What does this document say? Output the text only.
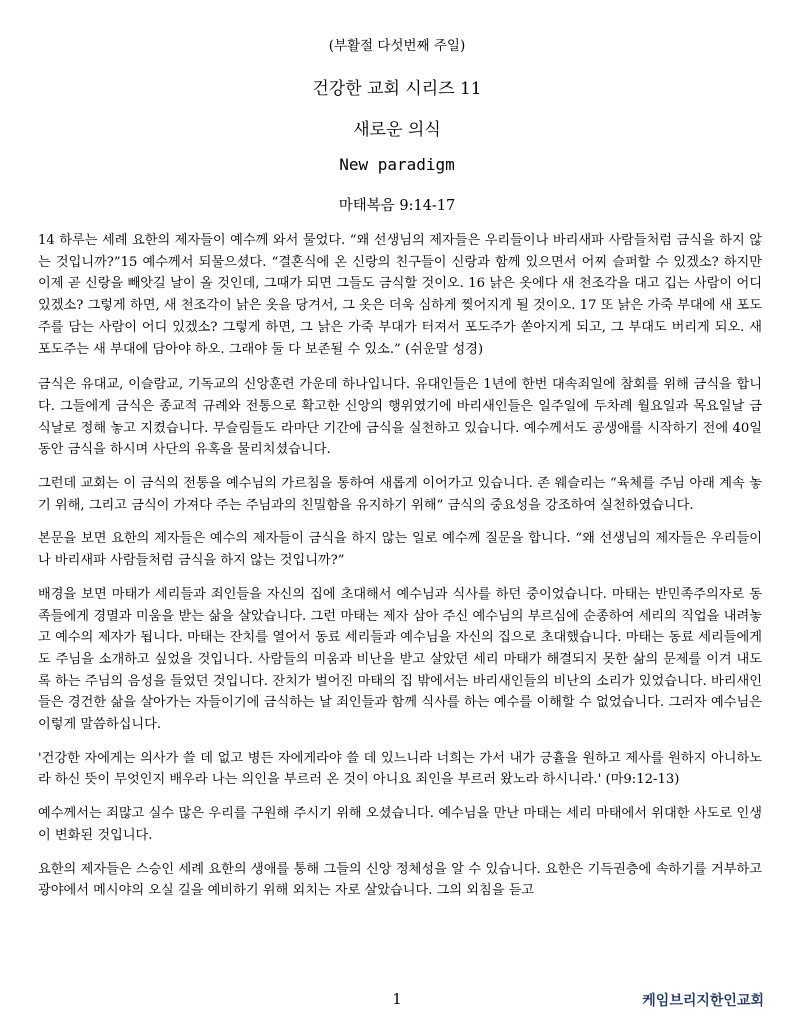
(부활절 다섯번째 주일)
건강한 교회 시리즈 11
새로운 의식
New paradigm
마태복음 9:14-17

14 하루는 세례 요한의 제자들이 예수께 와서 물었다. “왜 선생님의 제자들은 우리들이나 바리새파 사람들처럼 금식을 하지 않는 것입니까?”15 예수께서 되물으셨다. “결혼식에 온 신랑의 친구들이 신랑과 함께 있으면서 어찌 슬퍼할 수 있겠소? 하지만 이제 곧 신랑을 빼앗길 날이 올 것인데, 그때가 되면 그들도 금식할 것이오. 16 낡은 옷에다 새 천조각을 대고 깁는 사람이 어디 있겠소? 그렇게 하면, 새 천조각이 낡은 옷을 당겨서, 그 옷은 더욱 심하게 찢어지게 될 것이오. 17 또 낡은 가죽 부대에 새 포도주를 담는 사람이 어디 있겠소? 그렇게 하면, 그 낡은 가죽 부대가 터져서 포도주가 쏟아지게 되고, 그 부대도 버리게 되오. 새 포도주는 새 부대에 담아야 하오. 그래야 둘 다 보존될 수 있소.” (쉬운말 성경)

금식은 유대교, 이슬람교, 기독교의 신앙훈련 가운데 하나입니다. 유대인들은 1년에 한번 대속죄일에 참회를 위해 금식을 합니다. 그들에게 금식은 종교적 규례와 전통으로 확고한 신앙의 행위였기에 바리새인들은 일주일에 두차례 월요일과 목요일날 금식날로 정해 놓고 지켰습니다. 무슬림들도 라마단 기간에 금식을 실천하고 있습니다. 예수께서도 공생애를 시작하기 전에 40일 동안 금식을 하시며 사단의 유혹을 물리치셨습니다.

그런데 교회는 이 금식의 전통을 예수님의 가르침을 통하여 새롭게 이어가고 있습니다. 존 웨슬리는 “육체를 주님 아래 계속 놓기 위해, 그리고 금식이 가져다 주는 주님과의 친밀함을 유지하기 위해” 금식의 중요성을 강조하여 실천하였습니다.

본문을 보면 요한의 제자들은 예수의 제자들이 금식을 하지 않는 일로 예수께 질문을 합니다. “왜 선생님의 제자들은 우리들이나 바리새파 사람들처럼 금식을 하지 않는 것입니까?”

배경을 보면 마태가 세리들과 죄인들을 자신의 집에 초대해서 예수님과 식사를 하던 중이었습니다. 마태는 반민족주의자로 동족들에게 경멸과 미움을 받는 삶을 살았습니다. 그런 마태는 제자 삼아 주신 예수님의 부르심에 순종하여 세리의 직업을 내려놓고 예수의 제자가 됩니다. 마태는 잔치를 열어서 동료 세리들과 예수님을 자신의 집으로 초대했습니다. 마태는 동료 세리들에게도 주님을 소개하고 싶었을 것입니다. 사람들의 미움과 비난을 받고 살았던 세리 마태가 해결되지 못한 삶의 문제를 이겨 내도록 하는 주님의 음성을 들었던 것입니다. 잔치가 벌어진 마태의 집 밖에서는 바리새인들의 비난의 소리가 있었습니다. 바리새인들은 경건한 삶을 살아가는 자들이기에 금식하는 날 죄인들과 함께 식사를 하는 예수를 이해할 수 없었습니다. 그러자 예수님은 이렇게 말씀하십니다.

'건강한 자에게는 의사가 쓸 데 없고 병든 자에게라야 쓸 데 있느니라 너희는 가서 내가 긍휼을 원하고 제사를 원하지 아니하노라 하신 뜻이 무엇인지 배우라 나는 의인을 부르러 온 것이 아니요 죄인을 부르러 왔노라 하시니라.' (마9:12-13)

예수께서는 죄많고 실수 많은 우리를 구원해 주시기 위해 오셨습니다. 예수님을 만난 마태는 세리 마태에서 위대한 사도로 인생이 변화된 것입니다.

요한의 제자들은 스승인 세례 요한의 생애를 통해 그들의 신앙 정체성을 알 수 있습니다. 요한은 기득권층에 속하기를 거부하고 광야에서 메시야의 오실 길을 예비하기 위해 외치는 자로 살았습니다. 그의 외침을 듣고

1	케임브리지한인교회
